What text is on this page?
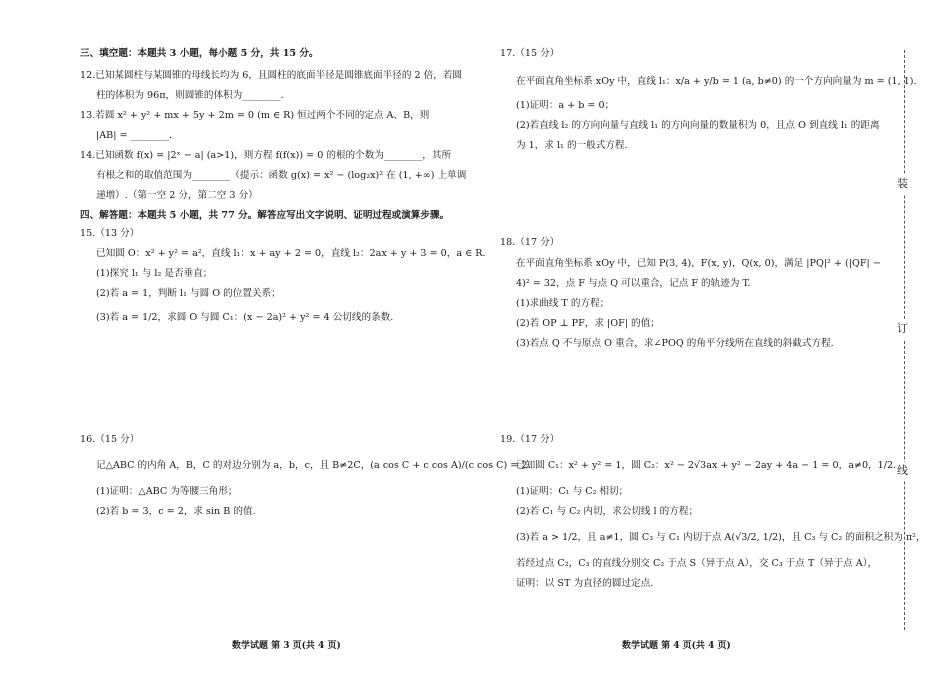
三、填空题：本题共 3 小题，每小题 5 分，共 15 分。
12.已知某圆柱与某圆锥的母线长均为 6，且圆柱的底面半径是圆锥底面半径的 2 倍，若圆
柱的体积为 96π，则圆锥的体积为________.
13.若圆 x² + y² + mx + 5y + 2m = 0 (m ∈ R) 恒过两个不同的定点 A、B，则
|AB| = ________.
14.已知函数 f(x) = |2ˣ − a| (a>1)，则方程 f(f(x)) = 0 的根的个数为________，其所
有根之和的取值范围为________（提示：函数 g(x) = x² − (log₂x)² 在 (1, +∞) 上单调
递增）.（第一空 2 分，第二空 3 分）
四、解答题：本题共 5 小题，共 77 分。解答应写出文字说明、证明过程或演算步骤。
15.（13 分）
已知圆 O：x² + y² = a²，直线 l₁：x + ay + 2 = 0，直线 l₂：2ax + y + 3 = 0，a ∈ R.
(1)探究 l₁ 与 l₂ 是否垂直；
(2)若 a = 1，判断 l₁ 与圆 O 的位置关系；
(3)若 a = 1/2，求圆 O 与圆 C₁：(x − 2a)² + y² = 4 公切线的条数.
16.（15 分）
记△ABC 的内角 A，B，C 的对边分别为 a，b，c，且 B≠2C，(a cos C + c cos A)/(c cos C) = 2.
(1)证明：△ABC 为等腰三角形；
(2)若 b = 3，c = 2，求 sin B 的值.
数学试题 第 3 页(共 4 页)
17.（15 分）
在平面直角坐标系 xOy 中，直线 l₁：x/a + y/b = 1 (a, b≠0) 的一个方向向量为 m = (1, 1).
(1)证明：a + b = 0；
(2)若直线 l₂ 的方向向量与直线 l₁ 的方向向量的数量积为 0，且点 O 到直线 l₁ 的距离
为 1，求 l₁ 的一般式方程.
18.（17 分）
在平面直角坐标系 xOy 中，已知 P(3, 4)，F(x, y)，Q(x, 0)，满足 |PQ|² + (|QF| −
4)² = 32，点 F 与点 Q 可以重合，记点 F 的轨迹为 T.
(1)求曲线 T 的方程；
(2)若 OP ⊥ PF，求 |OF| 的值；
(3)若点 Q 不与原点 O 重合，求∠POQ 的角平分线所在直线的斜截式方程.
19.（17 分）
已知圆 C₁：x² + y² = 1，圆 C₂：x² − 2√3ax + y² − 2ay + 4a − 1 = 0，a≠0，1/2.
(1)证明：C₁ 与 C₂ 相切；
(2)若 C₁ 与 C₂ 内切，求公切线 l 的方程；
(3)若 a > 1/2，且 a≠1，圆 C₃ 与 C₁ 内切于点 A(√3/2, 1/2)，且 C₃ 与 C₂ 的面积之积为 π²，
若经过点 C₂，C₃ 的直线分别交 C₂ 于点 S（异于点 A），交 C₃ 于点 T（异于点 A），
证明：以 ST 为直径的圆过定点.
数学试题 第 4 页(共 4 页)
装
订
线
